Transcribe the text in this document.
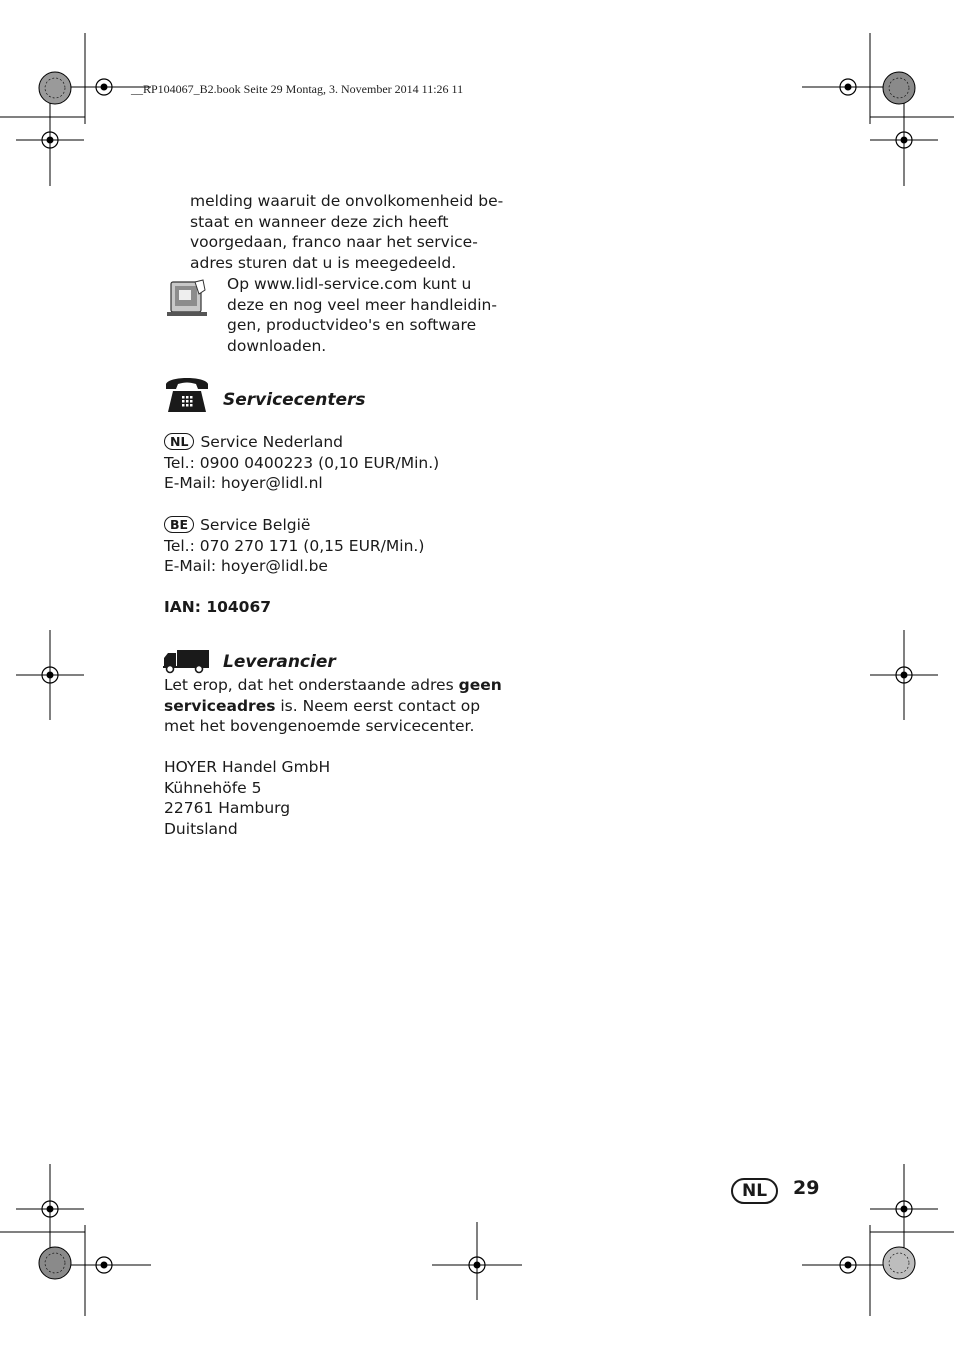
__RP104067_B2.book Seite 29 Montag, 3. November 2014 11:26 11
melding waaruit de onvolkomenheid be-
staat en wanneer deze zich heeft
voorgedaan, franco naar het service-
adres sturen dat u is meegedeeld.
Op www.lidl-service.com kunt u
deze en nog veel meer handleidin-
gen, productvideo's en software
downloaden.
Servicecenters
NL Service Nederland
Tel.: 0900 0400223 (0,10 EUR/Min.)
E-Mail: hoyer@lidl.nl
BE Service België
Tel.: 070 270 171 (0,15 EUR/Min.)
E-Mail: hoyer@lidl.be
IAN: 104067
Leverancier
Let erop, dat het onderstaande adres geen
serviceadres is. Neem eerst contact op
met het bovengenoemde servicecenter.
HOYER Handel GmbH
Kühnehöfe 5
22761 Hamburg
Duitsland
NL	29
